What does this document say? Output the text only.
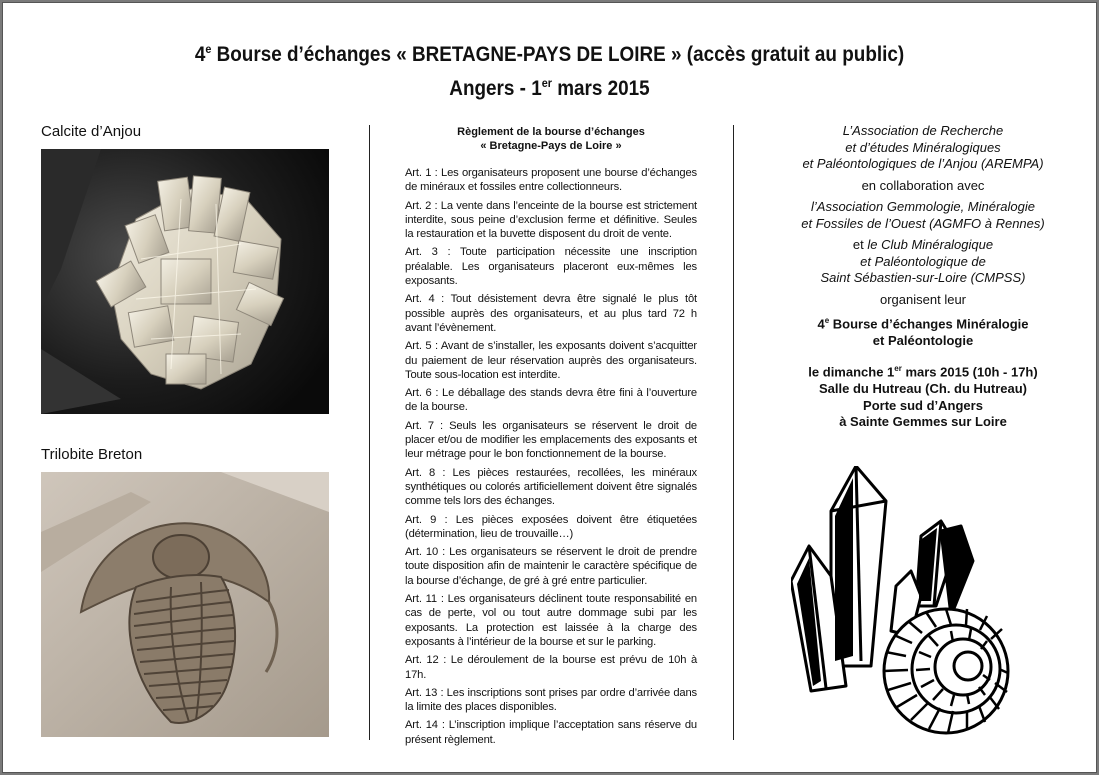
4e Bourse d’échanges « BRETAGNE-PAYS DE LOIRE » (accès gratuit au public)
Angers - 1er mars 2015
Calcite d’Anjou
Trilobite Breton
Règlement de la bourse d’échanges
« Bretagne-Pays de Loire »

Art. 1 : Les organisateurs proposent une bourse d’échanges de minéraux et fossiles entre collectionneurs.

Art. 2 : La vente dans l’enceinte de la bourse est strictement interdite, sous peine d’exclusion ferme et définitive. Seules la restauration et la buvette disposent du droit de vente.

Art. 3 : Toute participation nécessite une inscription préalable. Les organisateurs placeront eux-mêmes les exposants.

Art. 4 : Tout désistement devra être signalé le plus tôt possible auprès des organisateurs, et au plus tard 72 h avant l’évènement.

Art. 5 : Avant de s’installer, les exposants doivent s’acquitter du paiement de leur réservation auprès des organisateurs. Toute sous-location est interdite.

Art. 6 : Le déballage des stands devra être fini à l’ouverture de la bourse.

Art. 7 : Seuls les organisateurs se réservent le droit de placer et/ou de modifier les emplacements des exposants et leur métrage pour le bon fonctionnement de la bourse.

Art. 8 : Les pièces restaurées, recollées, les minéraux synthétiques ou colorés artificiellement doivent être signalés comme tels lors des échanges.

Art. 9 : Les pièces exposées doivent être étiquetées (détermination, lieu de trouvaille…)

Art. 10 : Les organisateurs se réservent le droit de prendre toute disposition afin de maintenir le caractère spécifique de la bourse d’échange, de gré à gré entre particulier.

Art. 11 : Les organisateurs déclinent toute responsabilité en cas de perte, vol ou tout autre dommage subi par les exposants. La protection est laissée à la charge des exposants à l’intérieur de la bourse et sur le parking.

Art. 12 : Le déroulement de la bourse est prévu de 10h à 17h.

Art. 13 : Les inscriptions sont prises par ordre d’arrivée dans la limite des places disponibles.

Art. 14 : L’inscription implique l’acceptation sans réserve du présent règlement.

L’Association de Recherche
et d’études Minéralogiques
et Paléontologiques de l’Anjou (AREMPA)

en collaboration avec

l’Association Gemmologie, Minéralogie
et Fossiles de l’Ouest (AGMFO à Rennes)

et le Club Minéralogique
et Paléontologique de
Saint Sébastien-sur-Loire (CMPSS)

organisent leur

4e Bourse d’échanges Minéralogie
et Paléontologie

le dimanche 1er mars 2015 (10h - 17h)
Salle du Hutreau (Ch. du Hutreau)
Porte sud d’Angers
à Sainte Gemmes sur Loire
